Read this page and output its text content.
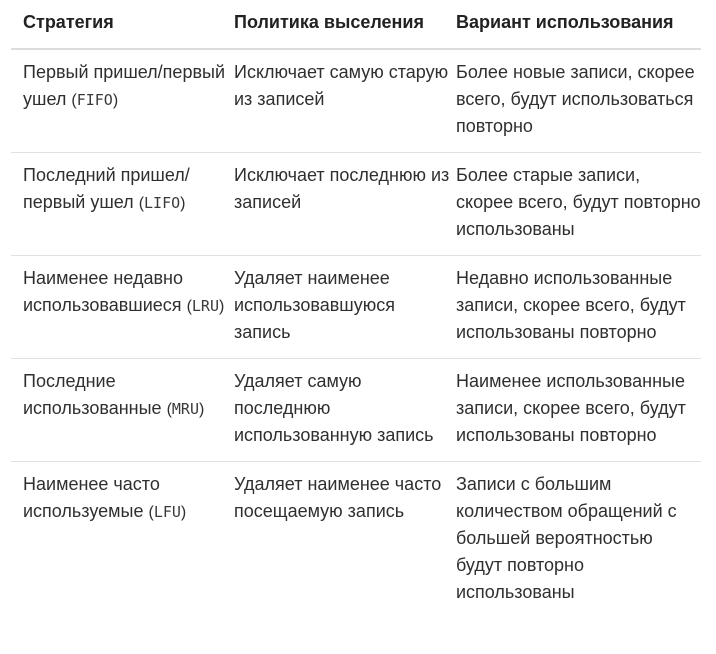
Стратегия	Политика выселения	Вариант использования
Первый пришел/первый ушел (FIFO)	Исключает самую старую из записей	Более новые записи, скорее всего, будут использоваться повторно
Последний пришел/первый ушел (LIFO)	Исключает последнюю из записей	Более старые записи, скорее всего, будут повторно использованы
Наименее недавно использовавшиеся (LRU)	Удаляет наименее использовавшуюся запись	Недавно использованные записи, скорее всего, будут использованы повторно
Последние использованные (MRU)	Удаляет самую последнюю использованную запись	Наименее использованные записи, скорее всего, будут использованы повторно
Наименее часто используемые (LFU)	Удаляет наименее часто посещаемую запись	Записи с большим количеством обращений с большей вероятностью будут повторно использованы
